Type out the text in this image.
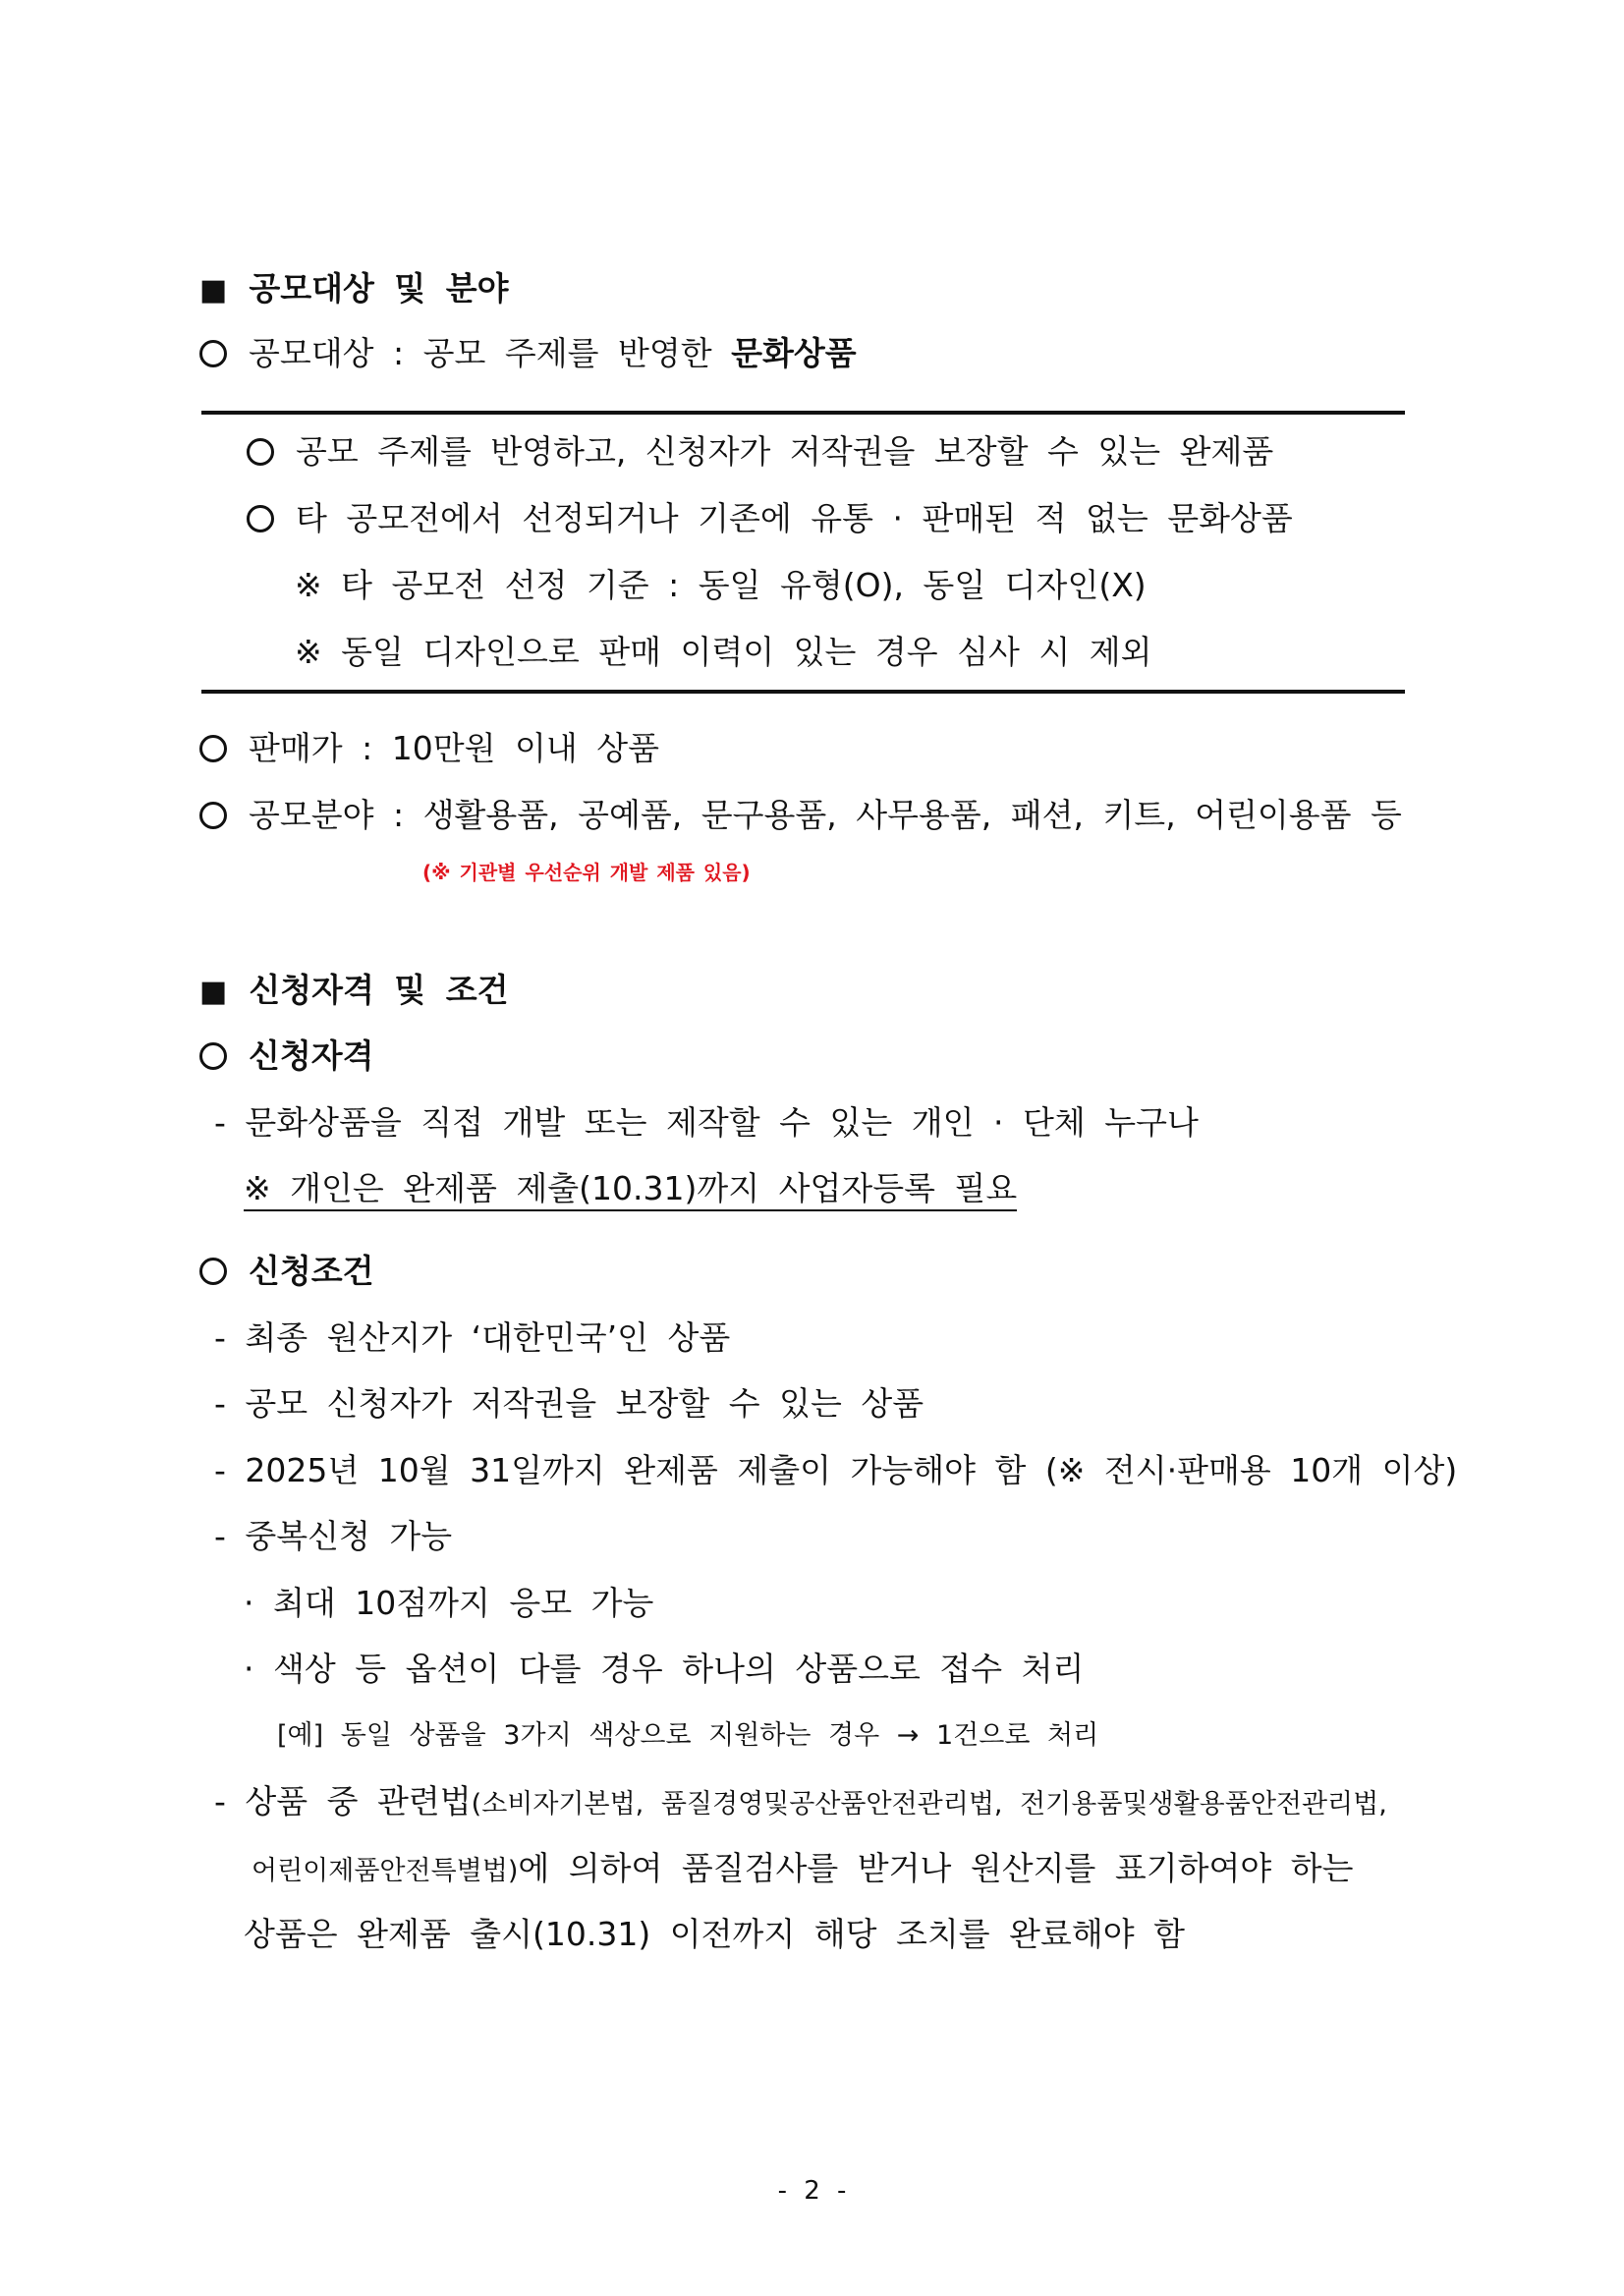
■ 공모대상 및 분야
공모대상 : 공모 주제를 반영한 문화상품
공모 주제를 반영하고, 신청자가 저작권을 보장할 수 있는 완제품
타 공모전에서 선정되거나 기존에 유통 · 판매된 적 없는 문화상품
※ 타 공모전 선정 기준 : 동일 유형(O), 동일 디자인(X)
※ 동일 디자인으로 판매 이력이 있는 경우 심사 시 제외
판매가 : 10만원 이내 상품
공모분야 : 생활용품, 공예품, 문구용품, 사무용품, 패션, 키트, 어린이용품 등
(※ 기관별 우선순위 개발 제품 있음)
■ 신청자격 및 조건
신청자격
- 문화상품을 직접 개발 또는 제작할 수 있는 개인 · 단체 누구나
※ 개인은 완제품 제출(10.31)까지 사업자등록 필요
신청조건
- 최종 원산지가 ‘대한민국’인 상품
- 공모 신청자가 저작권을 보장할 수 있는 상품
- 2025년 10월 31일까지 완제품 제출이 가능해야 함 (※ 전시·판매용 10개 이상)
- 중복신청 가능
· 최대 10점까지 응모 가능
· 색상 등 옵션이 다를 경우 하나의 상품으로 접수 처리
[예] 동일 상품을 3가지 색상으로 지원하는 경우 → 1건으로 처리
- 상품 중 관련법(소비자기본법, 품질경영및공산품안전관리법, 전기용품및생활용품안전관리법,
어린이제품안전특별법)에 의하여 품질검사를 받거나 원산지를 표기하여야 하는
상품은 완제품 출시(10.31) 이전까지 해당 조치를 완료해야 함
- 2 -
